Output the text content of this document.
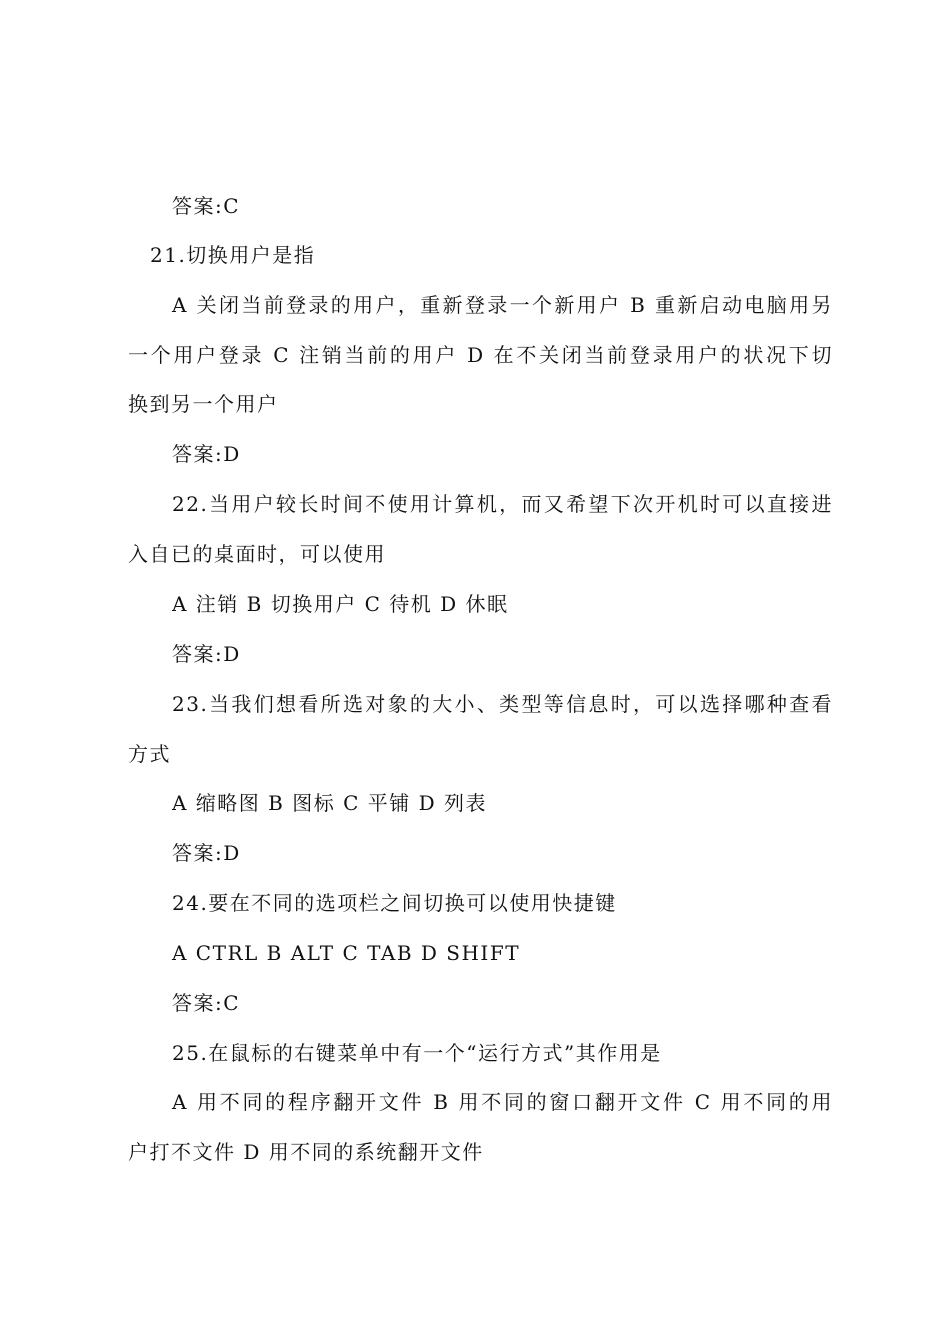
答案:C
21.切换用户是指
A 关闭当前登录的用户，重新登录一个新用户 B 重新启动电脑用另
一个用户登录 C 注销当前的用户 D 在不关闭当前登录用户的状况下切
换到另一个用户
答案:D
22.当用户较长时间不使用计算机，而又希望下次开机时可以直接进
入自已的桌面时，可以使用
A 注销 B 切换用户 C 待机 D 休眠
答案:D
23.当我们想看所选对象的大小、类型等信息时，可以选择哪种查看
方式
A 缩略图 B 图标 C 平铺 D 列表
答案:D
24.要在不同的选项栏之间切换可以使用快捷键
A CTRL B ALT C TAB D SHIFT
答案:C
25.在鼠标的右键菜单中有一个“运行方式”其作用是
A 用不同的程序翻开文件 B 用不同的窗口翻开文件 C 用不同的用
户打不文件 D 用不同的系统翻开文件
